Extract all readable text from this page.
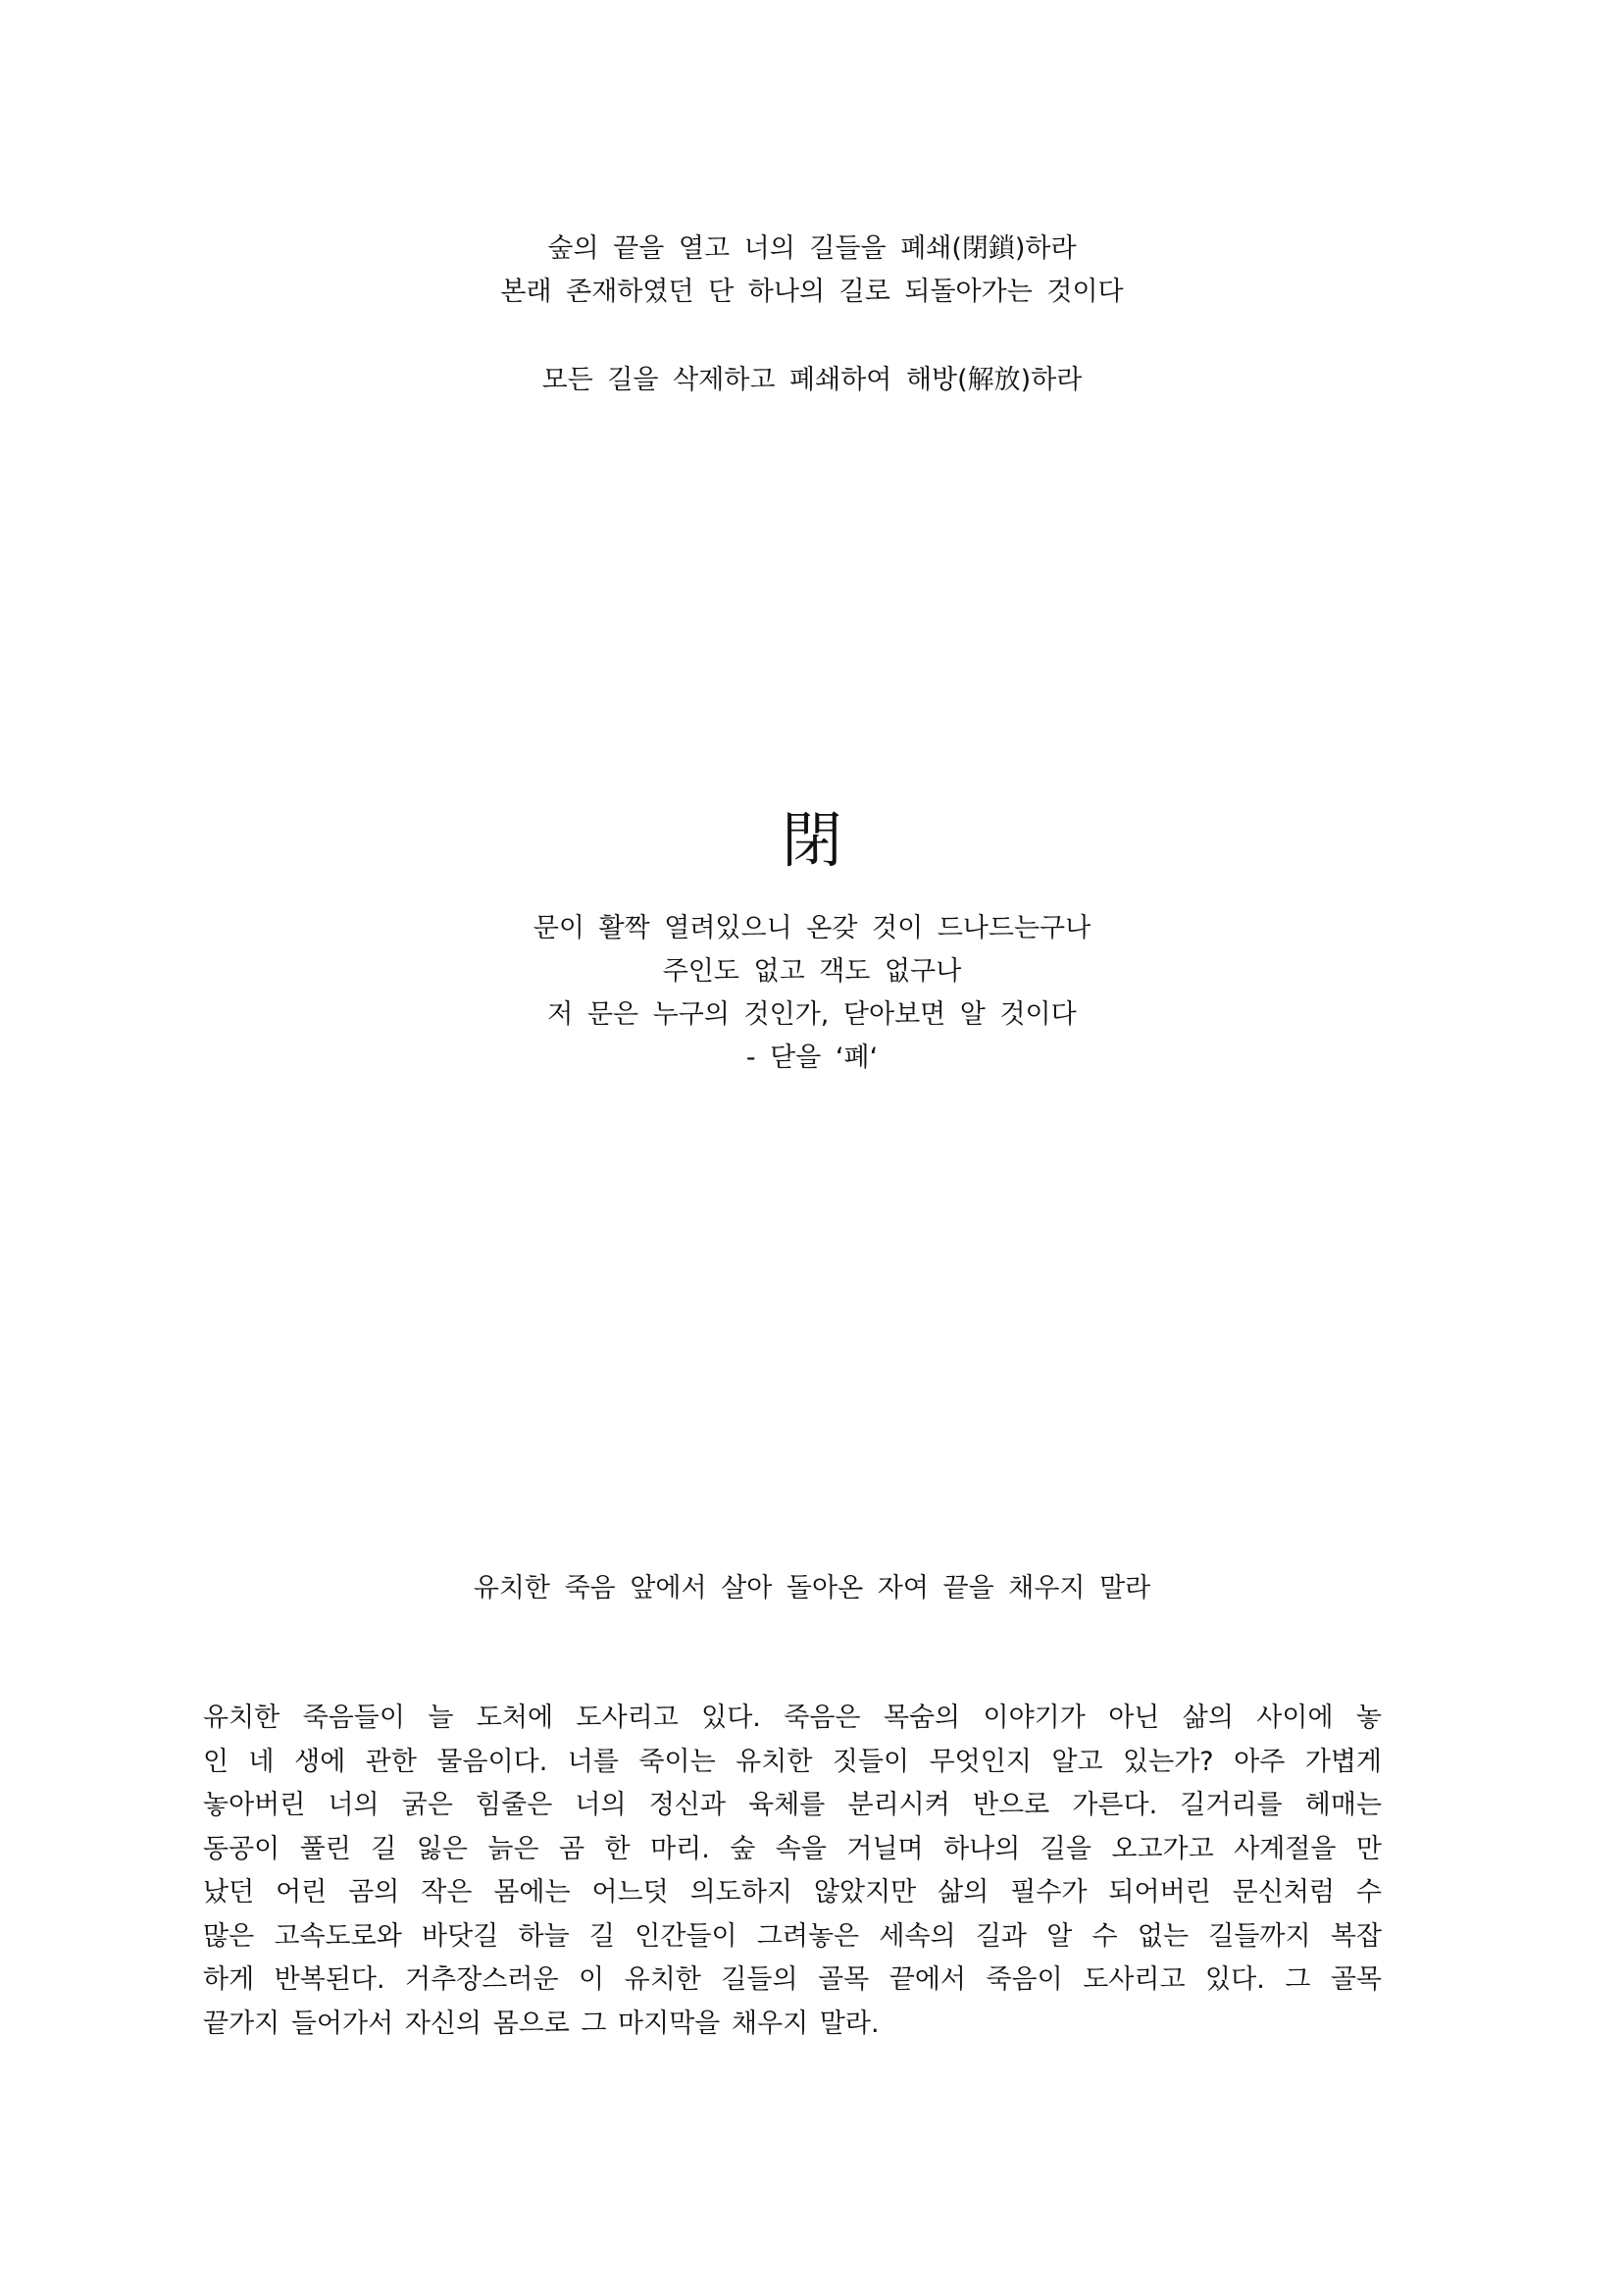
숲의 끝을 열고 너의 길들을 폐쇄(閉鎖)하라
본래 존재하였던 단 하나의 길로 되돌아가는 것이다
모든 길을 삭제하고 폐쇄하여 해방(解放)하라
閉
문이 활짝 열려있으니 온갖 것이 드나드는구나
주인도 없고 객도 없구나
저 문은 누구의 것인가, 닫아보면 알 것이다
- 닫을 ‘폐‘
유치한 죽음 앞에서 살아 돌아온 자여 끝을 채우지 말라
유치한 죽음들이 늘 도처에 도사리고 있다. 죽음은 목숨의 이야기가 아닌 삶의 사이에 놓
인 네 생에 관한 물음이다. 너를 죽이는 유치한 짓들이 무엇인지 알고 있는가? 아주 가볍게
놓아버린 너의 굵은 힘줄은 너의 정신과 육체를 분리시켜 반으로 가른다. 길거리를 헤매는
동공이 풀린 길 잃은 늙은 곰 한 마리. 숲 속을 거닐며 하나의 길을 오고가고 사계절을 만
났던 어린 곰의 작은 몸에는 어느덧 의도하지 않았지만 삶의 필수가 되어버린 문신처럼 수
많은 고속도로와 바닷길 하늘 길 인간들이 그려놓은 세속의 길과 알 수 없는 길들까지 복잡
하게 반복된다. 거추장스러운 이 유치한 길들의 골목 끝에서 죽음이 도사리고 있다. 그 골목
끝가지 들어가서 자신의 몸으로 그 마지막을 채우지 말라.
